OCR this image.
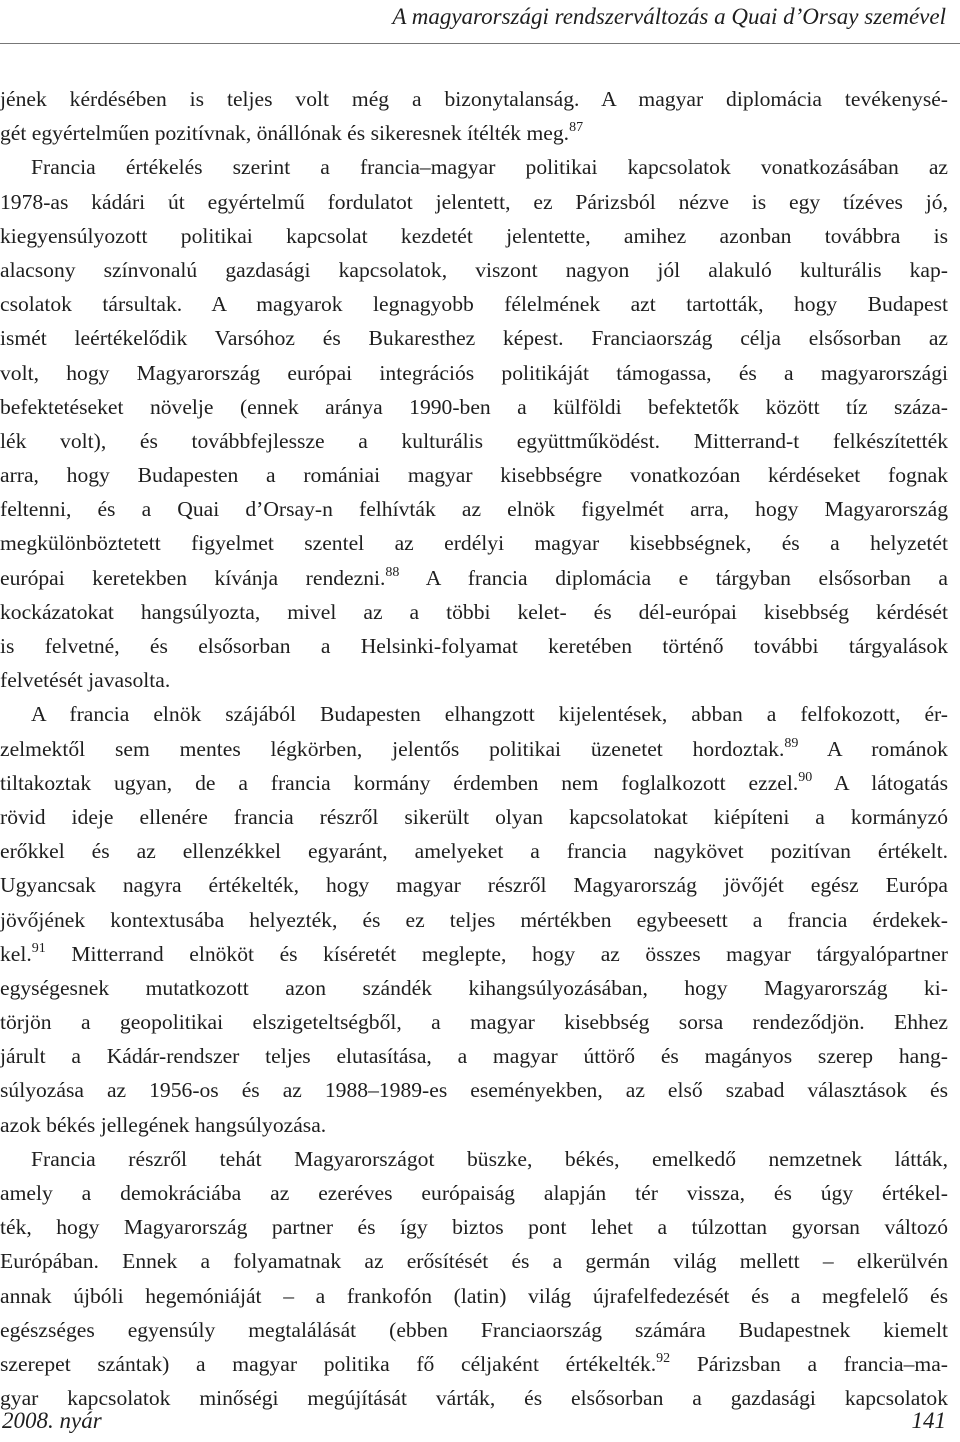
A magyarországi rendszerváltozás a Quai d’Orsay szemével
jének kérdésében is teljes volt még a bizonytalanság. A magyar diplomácia tevékenysé-
gét egyértelműen pozitívnak, önállónak és sikeresnek ítélték meg.$^{87}$
Francia értékelés szerint a francia–magyar politikai kapcsolatok vonatkozásában az
1978-as kádári út egyértelmű fordulatot jelentett, ez Párizsból nézve is egy tízéves jó,
kiegyensúlyozott politikai kapcsolat kezdetét jelentette, amihez azonban továbbra is
alacsony színvonalú gazdasági kapcsolatok, viszont nagyon jól alakuló kulturális kap-
csolatok társultak. A magyarok legnagyobb félelmének azt tartották, hogy Budapest
ismét leértékelődik Varsóhoz és Bukaresthez képest. Franciaország célja elsősorban az
volt, hogy Magyarország európai integrációs politikáját támogassa, és a magyarországi
befektetéseket növelje (ennek aránya 1990-ben a külföldi befektetők között tíz száza-
lék volt), és továbbfejlessze a kulturális együttműködést. Mitterrand-t felkészítették
arra, hogy Budapesten a romániai magyar kisebbségre vonatkozóan kérdéseket fognak
feltenni, és a Quai d’Orsay-n felhívták az elnök figyelmét arra, hogy Magyarország
megkülönböztetett figyelmet szentel az erdélyi magyar kisebbségnek, és a helyzetét
európai keretekben kívánja rendezni.$^{88}$ A francia diplomácia e tárgyban elsősorban a
kockázatokat hangsúlyozta, mivel az a többi kelet- és dél-európai kisebbség kérdését
is felvetné, és elsősorban a Helsinki-folyamat keretében történő további tárgyalások
felvetését javasolta.
A francia elnök szájából Budapesten elhangzott kijelentések, abban a felfokozott, ér-
zelmektől sem mentes légkörben, jelentős politikai üzenetet hordoztak.$^{89}$ A románok
tiltakoztak ugyan, de a francia kormány érdemben nem foglalkozott ezzel.$^{90}$ A látogatás
rövid ideje ellenére francia részről sikerült olyan kapcsolatokat kiépíteni a kormányzó
erőkkel és az ellenzékkel egyaránt, amelyeket a francia nagykövet pozitívan értékelt.
Ugyancsak nagyra értékelték, hogy magyar részről Magyarország jövőjét egész Európa
jövőjének kontextusába helyezték, és ez teljes mértékben egybeesett a francia érdekek-
kel.$^{91}$ Mitterrand elnököt és kíséretét meglepte, hogy az összes magyar tárgyalópartner
egységesnek mutatkozott azon szándék kihangsúlyozásában, hogy Magyarország ki-
törjön a geopolitikai elszigeteltségből, a magyar kisebbség sorsa rendeződjön. Ehhez
járult a Kádár-rendszer teljes elutasítása, a magyar úttörő és magányos szerep hang-
súlyozása az 1956-os és az 1988–1989-es eseményekben, az első szabad választások és
azok békés jellegének hangsúlyozása.
Francia részről tehát Magyarországot büszke, békés, emelkedő nemzetnek látták,
amely a demokráciába az ezeréves európaiság alapján tér vissza, és úgy értékel-
ték, hogy Magyarország partner és így biztos pont lehet a túlzottan gyorsan változó
Európában. Ennek a folyamatnak az erősítését és a germán világ mellett – elkerülvén
annak újbóli hegemóniáját – a frankofón (latin) világ újrafelfedezését és a megfelelő és
egészséges egyensúly megtalálását (ebben Franciaország számára Budapestnek kiemelt
szerepet szántak) a magyar politika fő céljaként értékelték.$^{92}$ Párizsban a francia–ma-
gyar kapcsolatok minőségi megújítását várták, és elsősorban a gazdasági kapcsolatok
2008. nyár	141
